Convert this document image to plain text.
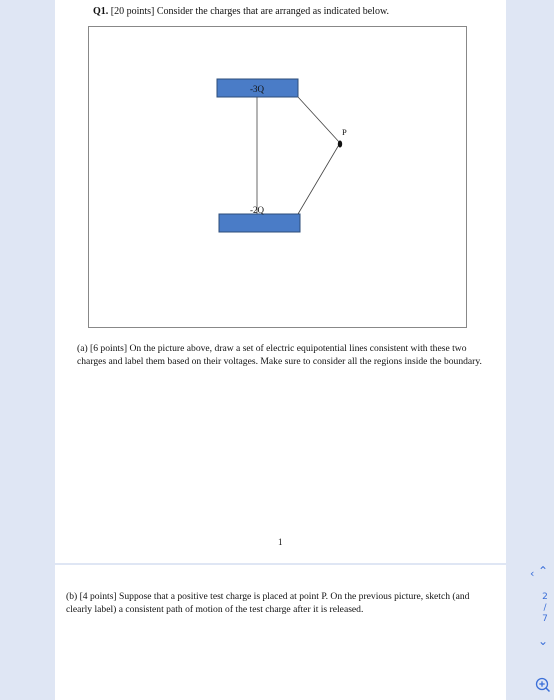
Q1. [20 points] Consider the charges that are arranged as indicated below.
-3Q
-2Q
P
(a) [6 points] On the picture above, draw a set of electric equipotential lines consistent with these two charges and label them based on their voltages. Make sure to consider all the regions inside the boundary.
1
(b) [4 points] Suppose that a positive test charge is placed at point P. On the previous picture, sketch (and clearly label) a consistent path of motion of the test charge after it is released.
‹ ⌃
2
/
7
⌄
